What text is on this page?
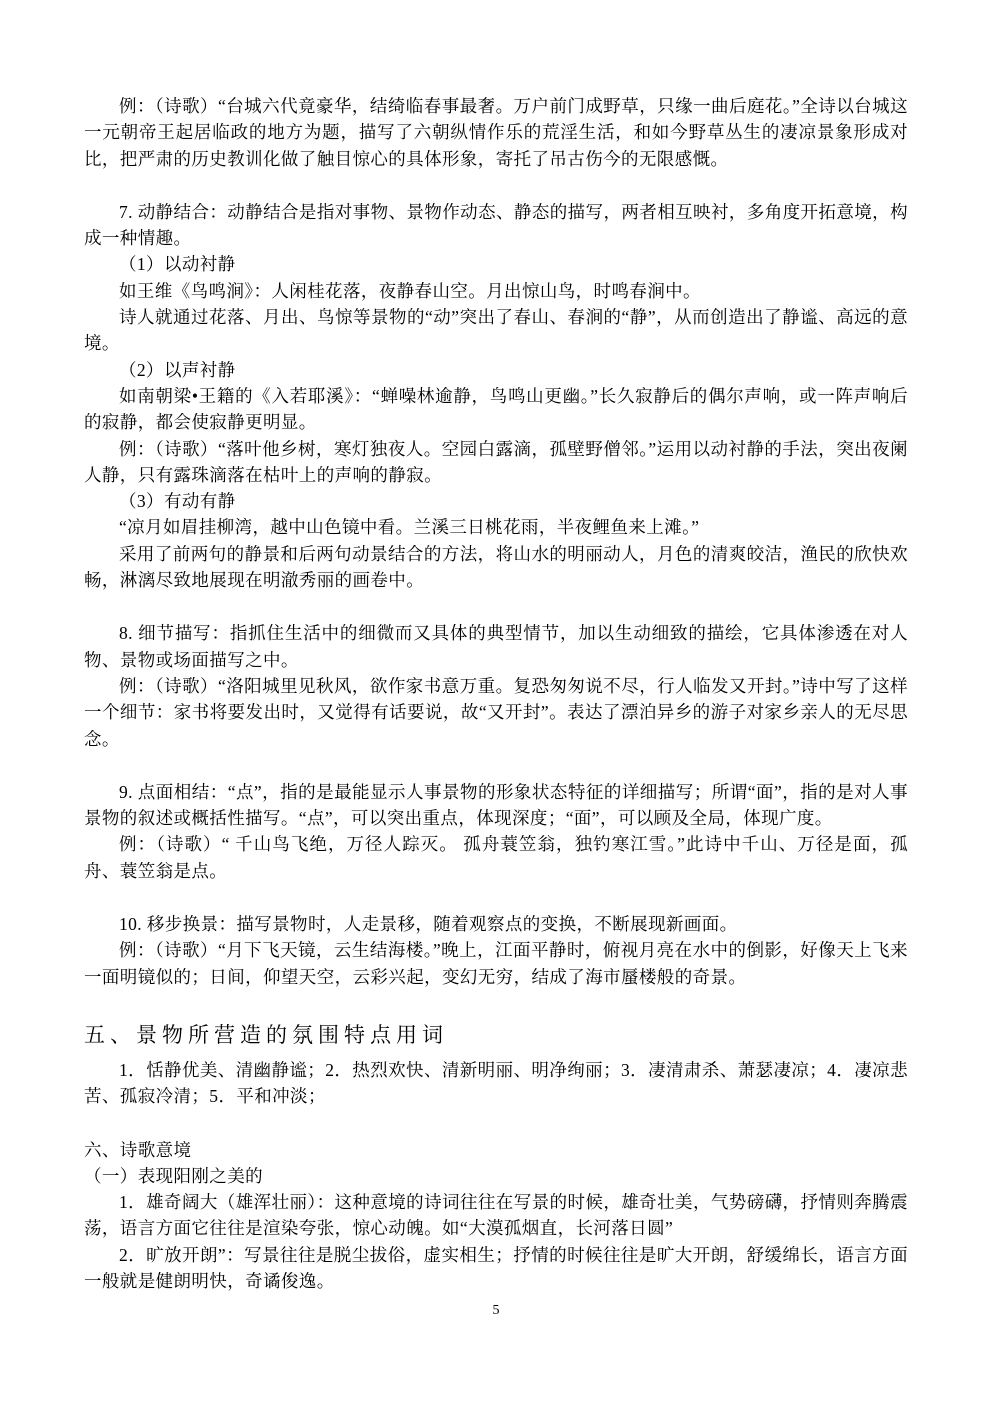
例：（诗歌）“台城六代竟豪华，结绮临春事最奢。万户前门成野草，只缘一曲后庭花。”全诗以台城这一元朝帝王起居临政的地方为题，描写了六朝纵情作乐的荒淫生活，和如今野草丛生的凄凉景象形成对比，把严肃的历史教训化做了触目惊心的具体形象，寄托了吊古伤今的无限感慨。

7. 动静结合：动静结合是指对事物、景物作动态、静态的描写，两者相互映衬，多角度开拓意境，构成一种情趣。

（1）以动衬静

如王维《鸟鸣涧》：人闲桂花落，夜静春山空。月出惊山鸟，时鸣春涧中。

诗人就通过花落、月出、鸟惊等景物的“动”突出了春山、春涧的“静”，从而创造出了静谧、高远的意境。

（2）以声衬静

如南朝梁•王籍的《入若耶溪》：“蝉噪林逾静，鸟鸣山更幽。”长久寂静后的偶尔声响，或一阵声响后的寂静，都会使寂静更明显。

例：（诗歌）“落叶他乡树，寒灯独夜人。空园白露滴，孤壁野僧邻。”运用以动衬静的手法，突出夜阑人静，只有露珠滴落在枯叶上的声响的静寂。

（3）有动有静

“凉月如眉挂柳湾，越中山色镜中看。兰溪三日桃花雨，半夜鲤鱼来上滩。”

采用了前两句的静景和后两句动景结合的方法，将山水的明丽动人，月色的清爽皎洁，渔民的欣快欢畅，淋漓尽致地展现在明澈秀丽的画卷中。

8. 细节描写：指抓住生活中的细微而又具体的典型情节，加以生动细致的描绘，它具体渗透在对人物、景物或场面描写之中。

例：（诗歌）“洛阳城里见秋风，欲作家书意万重。复恐匆匆说不尽，行人临发又开封。”诗中写了这样一个细节：家书将要发出时，又觉得有话要说，故“又开封”。表达了漂泊异乡的游子对家乡亲人的无尽思念。

9. 点面相结：“点”，指的是最能显示人事景物的形象状态特征的详细描写；所谓“面”，指的是对人事景物的叙述或概括性描写。“点”，可以突出重点，体现深度；“面”，可以顾及全局，体现广度。

例：（诗歌）“ 千山鸟飞绝，万径人踪灭。 孤舟蓑笠翁，独钓寒江雪。”此诗中千山、万径是面，孤舟、蓑笠翁是点。

10. 移步换景：描写景物时，人走景移，随着观察点的变换，不断展现新画面。

例：（诗歌）“月下飞天镜，云生结海楼。”晚上，江面平静时，俯视月亮在水中的倒影，好像天上飞来一面明镜似的；日间，仰望天空，云彩兴起，变幻无穷，结成了海市蜃楼般的奇景。

五、景物所营造的氛围特点用词

1．恬静优美、清幽静谧；2．热烈欢快、清新明丽、明净绚丽；3．凄清肃杀、萧瑟凄凉；4．凄凉悲苦、孤寂冷清；5．平和冲淡；

六、诗歌意境

（一）表现阳刚之美的

1．雄奇阔大（雄浑壮丽）：这种意境的诗词往往在写景的时候，雄奇壮美，气势磅礴，抒情则奔腾震荡，语言方面它往往是渲染夸张，惊心动魄。如“大漠孤烟直，长河落日圆”

2．旷放开朗”：写景往往是脱尘拔俗，虚实相生；抒情的时候往往是旷大开朗，舒缓绵长，语言方面一般就是健朗明快，奇谲俊逸。

5
